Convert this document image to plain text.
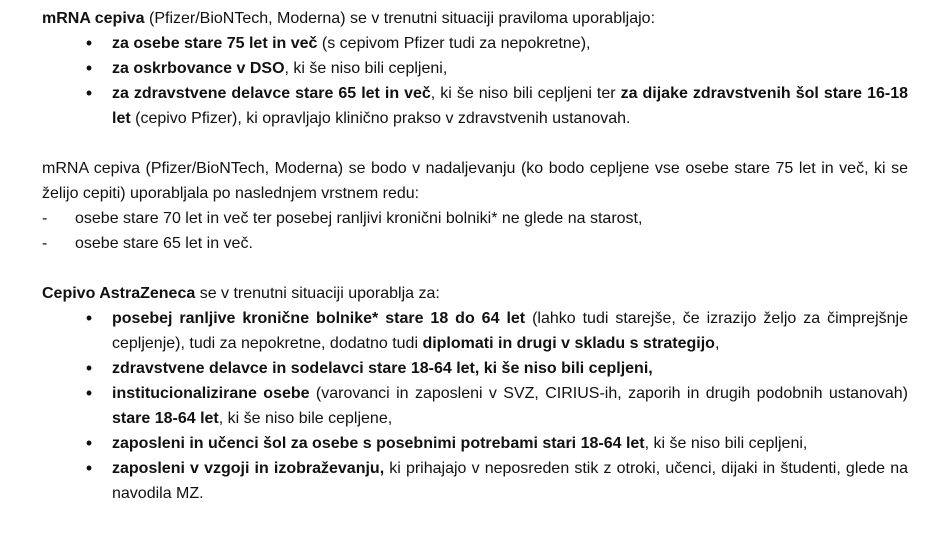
mRNA cepiva (Pfizer/BioNTech, Moderna) se v trenutni situaciji praviloma uporabljajo:

• za osebe stare 75 let in več (s cepivom Pfizer tudi za nepokretne),
• za oskrbovance v DSO, ki še niso bili cepljeni,
• za zdravstvene delavce stare 65 let in več, ki še niso bili cepljeni ter za dijake zdravstvenih šol stare 16-18 let (cepivo Pfizer), ki opravljajo klinično prakso v zdravstvenih ustanovah.

mRNA cepiva (Pfizer/BioNTech, Moderna) se bodo v nadaljevanju (ko bodo cepljene vse osebe stare 75 let in več, ki se želijo cepiti) uporabljala po naslednjem vrstnem redu:

- osebe stare 70 let in več ter posebej ranljivi kronični bolniki* ne glede na starost,
- osebe stare 65 let in več.

Cepivo AstraZeneca se v trenutni situaciji uporablja za:

• posebej ranljive kronične bolnike* stare 18 do 64 let (lahko tudi starejše, če izrazijo željo za čimprejšnje cepljenje), tudi za nepokretne, dodatno tudi diplomati in drugi v skladu s strategijo,
• zdravstvene delavce in sodelavci stare 18-64 let, ki še niso bili cepljeni,
• institucionalizirane osebe (varovanci in zaposleni v SVZ, CIRIUS-ih, zaporih in drugih podobnih ustanovah) stare 18-64 let, ki še niso bile cepljene,
• zaposleni in učenci šol za osebe s posebnimi potrebami stari 18-64 let, ki še niso bili cepljeni,
• zaposleni v vzgoji in izobraževanju, ki prihajajo v neposreden stik z otroki, učenci, dijaki in študenti, glede na navodila MZ.
